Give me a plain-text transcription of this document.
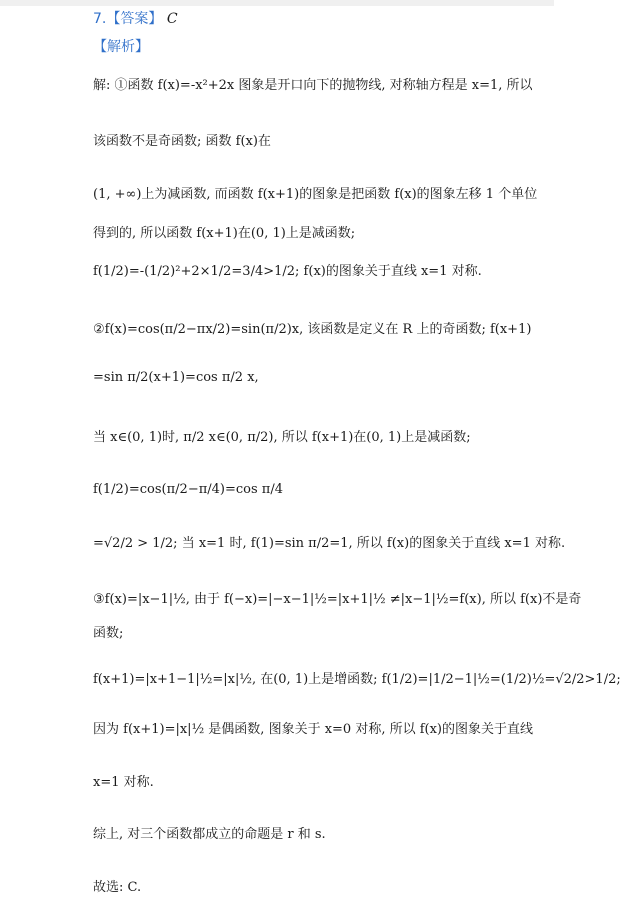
7.【答案】 C
【解析】
解: ①函数 f(x)=-x²+2x 图象是开口向下的抛物线, 对称轴方程是 x=1, 所以
该函数不是奇函数; 函数 f(x)在
(1, +∞)上为减函数, 而函数 f(x+1)的图象是把函数 f(x)的图象左移 1 个单位
得到的, 所以函数 f(x+1)在(0, 1)上是减函数;
f(1/2)=-(1/2)²+2×1/2=3/4>1/2; f(x)的图象关于直线 x=1 对称.
②f(x)=cos(π/2−πx/2)=sin(π/2)x, 该函数是定义在 R 上的奇函数; f(x+1)
=sin π/2(x+1)=cos π/2 x,
当 x∈(0, 1)时, π/2 x∈(0, π/2), 所以 f(x+1)在(0, 1)上是减函数;
f(1/2)=cos(π/2−π/4)=cos π/4
=√2/2 > 1/2; 当 x=1 时, f(1)=sin π/2=1, 所以 f(x)的图象关于直线 x=1 对称.
③f(x)=|x−1|½, 由于 f(−x)=|−x−1|½=|x+1|½ ≠|x−1|½=f(x), 所以 f(x)不是奇
函数;
f(x+1)=|x+1−1|½=|x|½, 在(0, 1)上是增函数; f(1/2)=|1/2−1|½=(1/2)½=√2/2>1/2;
因为 f(x+1)=|x|½ 是偶函数, 图象关于 x=0 对称, 所以 f(x)的图象关于直线
x=1 对称.
综上, 对三个函数都成立的命题是 r 和 s.
故选: C.
